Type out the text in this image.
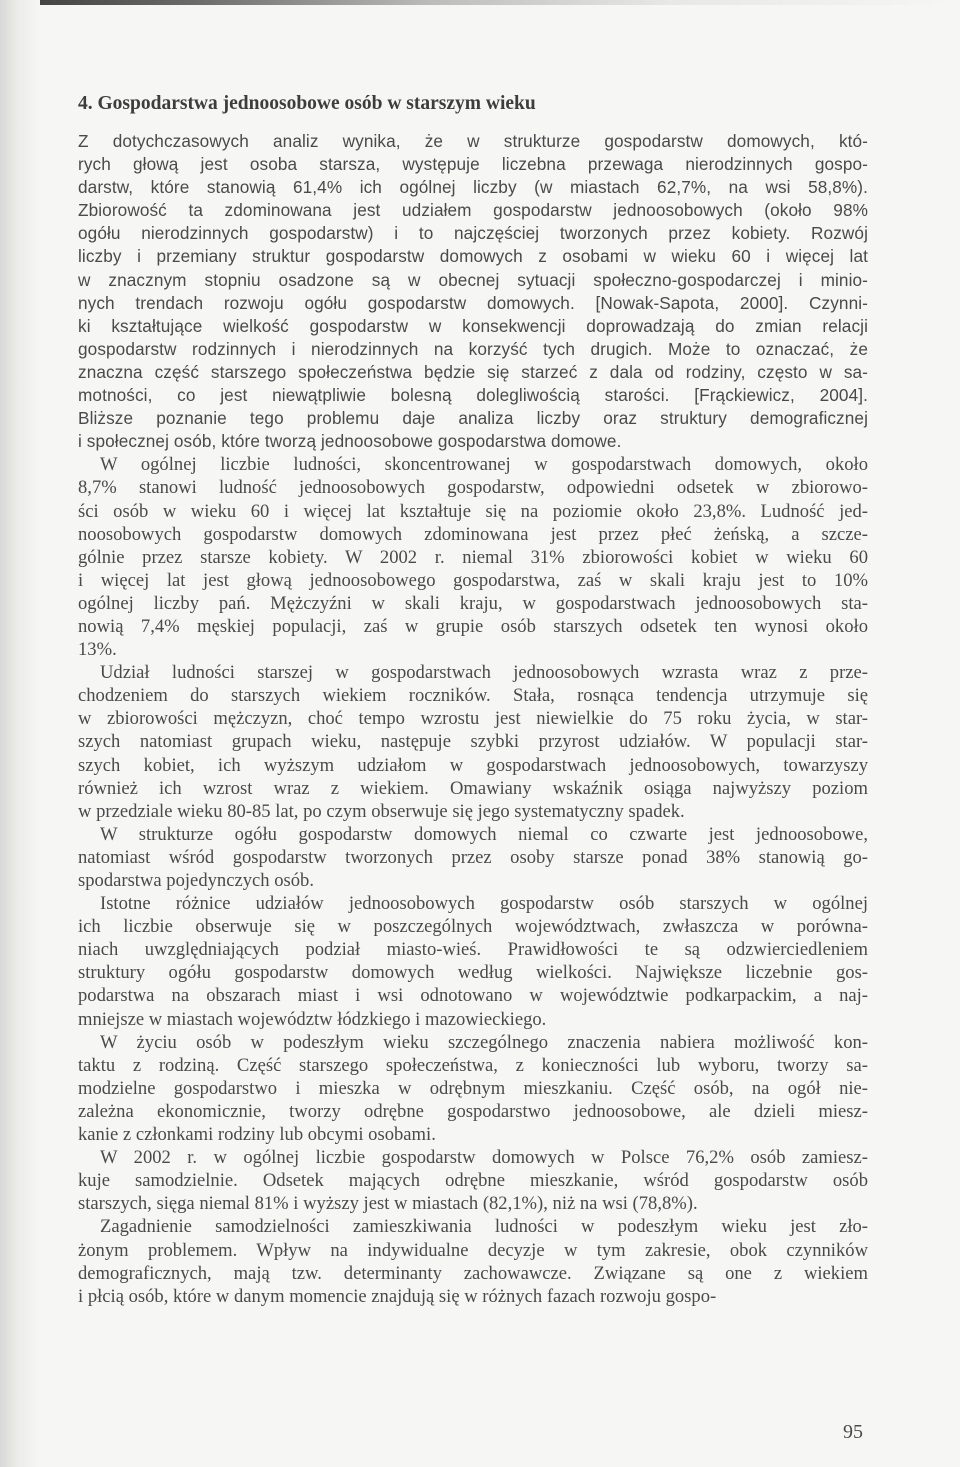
4. Gospodarstwa jednoosobowe osób w starszym wieku
Z dotychczasowych analiz wynika, że w strukturze gospodarstw domowych, któ-
rych głową jest osoba starsza, występuje liczebna przewaga nierodzinnych gospo-
darstw, które stanowią 61,4% ich ogólnej liczby (w miastach 62,7%, na wsi 58,8%).
Zbiorowość ta zdominowana jest udziałem gospodarstw jednoosobowych (około 98%
ogółu nierodzinnych gospodarstw) i to najczęściej tworzonych przez kobiety. Rozwój
liczby i przemiany struktur gospodarstw domowych z osobami w wieku 60 i więcej lat
w znacznym stopniu osadzone są w obecnej sytuacji społeczno-gospodarczej i minio-
nych trendach rozwoju ogółu gospodarstw domowych. [Nowak-Sapota, 2000]. Czynni-
ki kształtujące wielkość gospodarstw w konsekwencji doprowadzają do zmian relacji
gospodarstw rodzinnych i nierodzinnych na korzyść tych drugich. Może to oznaczać, że
znaczna część starszego społeczeństwa będzie się starzeć z dala od rodziny, często w sa-
motności, co jest niewątpliwie bolesną dolegliwością starości. [Frąckiewicz, 2004].
Bliższe poznanie tego problemu daje analiza liczby oraz struktury demograficznej
i społecznej osób, które tworzą jednoosobowe gospodarstwa domowe.
W ogólnej liczbie ludności, skoncentrowanej w gospodarstwach domowych, około
8,7% stanowi ludność jednoosobowych gospodarstw, odpowiedni odsetek w zbiorowo-
ści osób w wieku 60 i więcej lat kształtuje się na poziomie około 23,8%. Ludność jed-
noosobowych gospodarstw domowych zdominowana jest przez płeć żeńską, a szcze-
gólnie przez starsze kobiety. W 2002 r. niemal 31% zbiorowości kobiet w wieku 60
i więcej lat jest głową jednoosobowego gospodarstwa, zaś w skali kraju jest to 10%
ogólnej liczby pań. Mężczyźni w skali kraju, w gospodarstwach jednoosobowych sta-
nowią 7,4% męskiej populacji, zaś w grupie osób starszych odsetek ten wynosi około
13%.
Udział ludności starszej w gospodarstwach jednoosobowych wzrasta wraz z prze-
chodzeniem do starszych wiekiem roczników. Stała, rosnąca tendencja utrzymuje się
w zbiorowości mężczyzn, choć tempo wzrostu jest niewielkie do 75 roku życia, w star-
szych natomiast grupach wieku, następuje szybki przyrost udziałów. W populacji star-
szych kobiet, ich wyższym udziałom w gospodarstwach jednoosobowych, towarzyszy
również ich wzrost wraz z wiekiem. Omawiany wskaźnik osiąga najwyższy poziom
w przedziale wieku 80-85 lat, po czym obserwuje się jego systematyczny spadek.
W strukturze ogółu gospodarstw domowych niemal co czwarte jest jednoosobowe,
natomiast wśród gospodarstw tworzonych przez osoby starsze ponad 38% stanowią go-
spodarstwa pojedynczych osób.
Istotne różnice udziałów jednoosobowych gospodarstw osób starszych w ogólnej
ich liczbie obserwuje się w poszczególnych województwach, zwłaszcza w porówna-
niach uwzględniających podział miasto-wieś. Prawidłowości te są odzwierciedleniem
struktury ogółu gospodarstw domowych według wielkości. Największe liczebnie gos-
podarstwa na obszarach miast i wsi odnotowano w województwie podkarpackim, a naj-
mniejsze w miastach województw łódzkiego i mazowieckiego.
W życiu osób w podeszłym wieku szczególnego znaczenia nabiera możliwość kon-
taktu z rodziną. Część starszego społeczeństwa, z konieczności lub wyboru, tworzy sa-
modzielne gospodarstwo i mieszka w odrębnym mieszkaniu. Część osób, na ogół nie-
zależna ekonomicznie, tworzy odrębne gospodarstwo jednoosobowe, ale dzieli miesz-
kanie z członkami rodziny lub obcymi osobami.
W 2002 r. w ogólnej liczbie gospodarstw domowych w Polsce 76,2% osób zamiesz-
kuje samodzielnie. Odsetek mających odrębne mieszkanie, wśród gospodarstw osób
starszych, sięga niemal 81% i wyższy jest w miastach (82,1%), niż na wsi (78,8%).
Zagadnienie samodzielności zamieszkiwania ludności w podeszłym wieku jest zło-
żonym problemem. Wpływ na indywidualne decyzje w tym zakresie, obok czynników
demograficznych, mają tzw. determinanty zachowawcze. Związane są one z wiekiem
i płcią osób, które w danym momencie znajdują się w różnych fazach rozwoju gospo-
95
